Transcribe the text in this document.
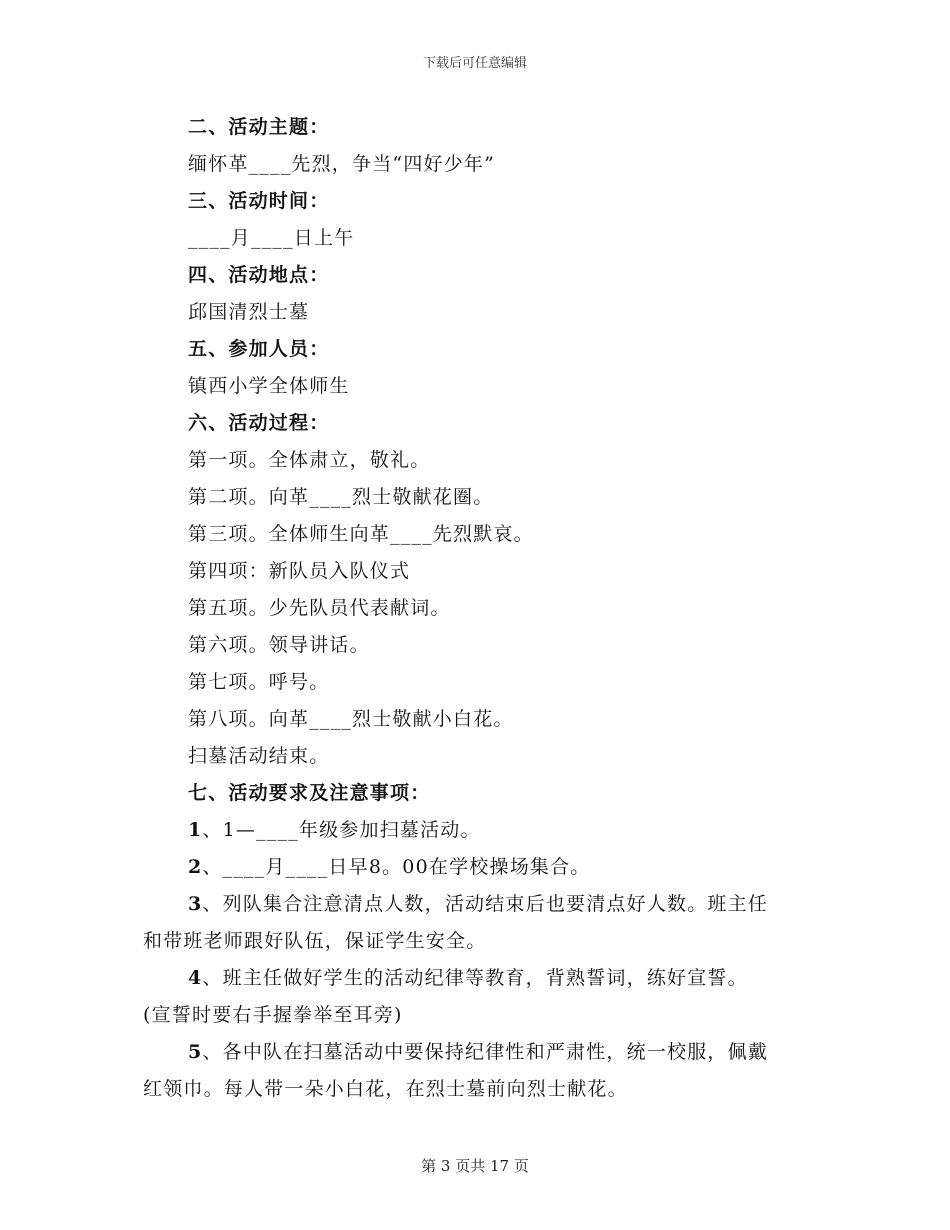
下载后可任意编辑
二、活动主题：
缅怀革____先烈，争当“四好少年”
三、活动时间：
____月____日上午
四、活动地点：
邱国清烈士墓
五、参加人员：
镇西小学全体师生
六、活动过程：
第一项。全体肃立，敬礼。
第二项。向革____烈士敬献花圈。
第三项。全体师生向革____先烈默哀。
第四项：新队员入队仪式
第五项。少先队员代表献词。
第六项。领导讲话。
第七项。呼号。
第八项。向革____烈士敬献小白花。
扫墓活动结束。
七、活动要求及注意事项：
1、1—____年级参加扫墓活动。
2、____月____日早8。00在学校操场集合。
3、列队集合注意清点人数，活动结束后也要清点好人数。班主任
和带班老师跟好队伍，保证学生安全。
4、班主任做好学生的活动纪律等教育，背熟誓词，练好宣誓。
(宣誓时要右手握拳举至耳旁)
5、各中队在扫墓活动中要保持纪律性和严肃性，统一校服，佩戴
红领巾。每人带一朵小白花，在烈士墓前向烈士献花。
第 3 页共 17 页
